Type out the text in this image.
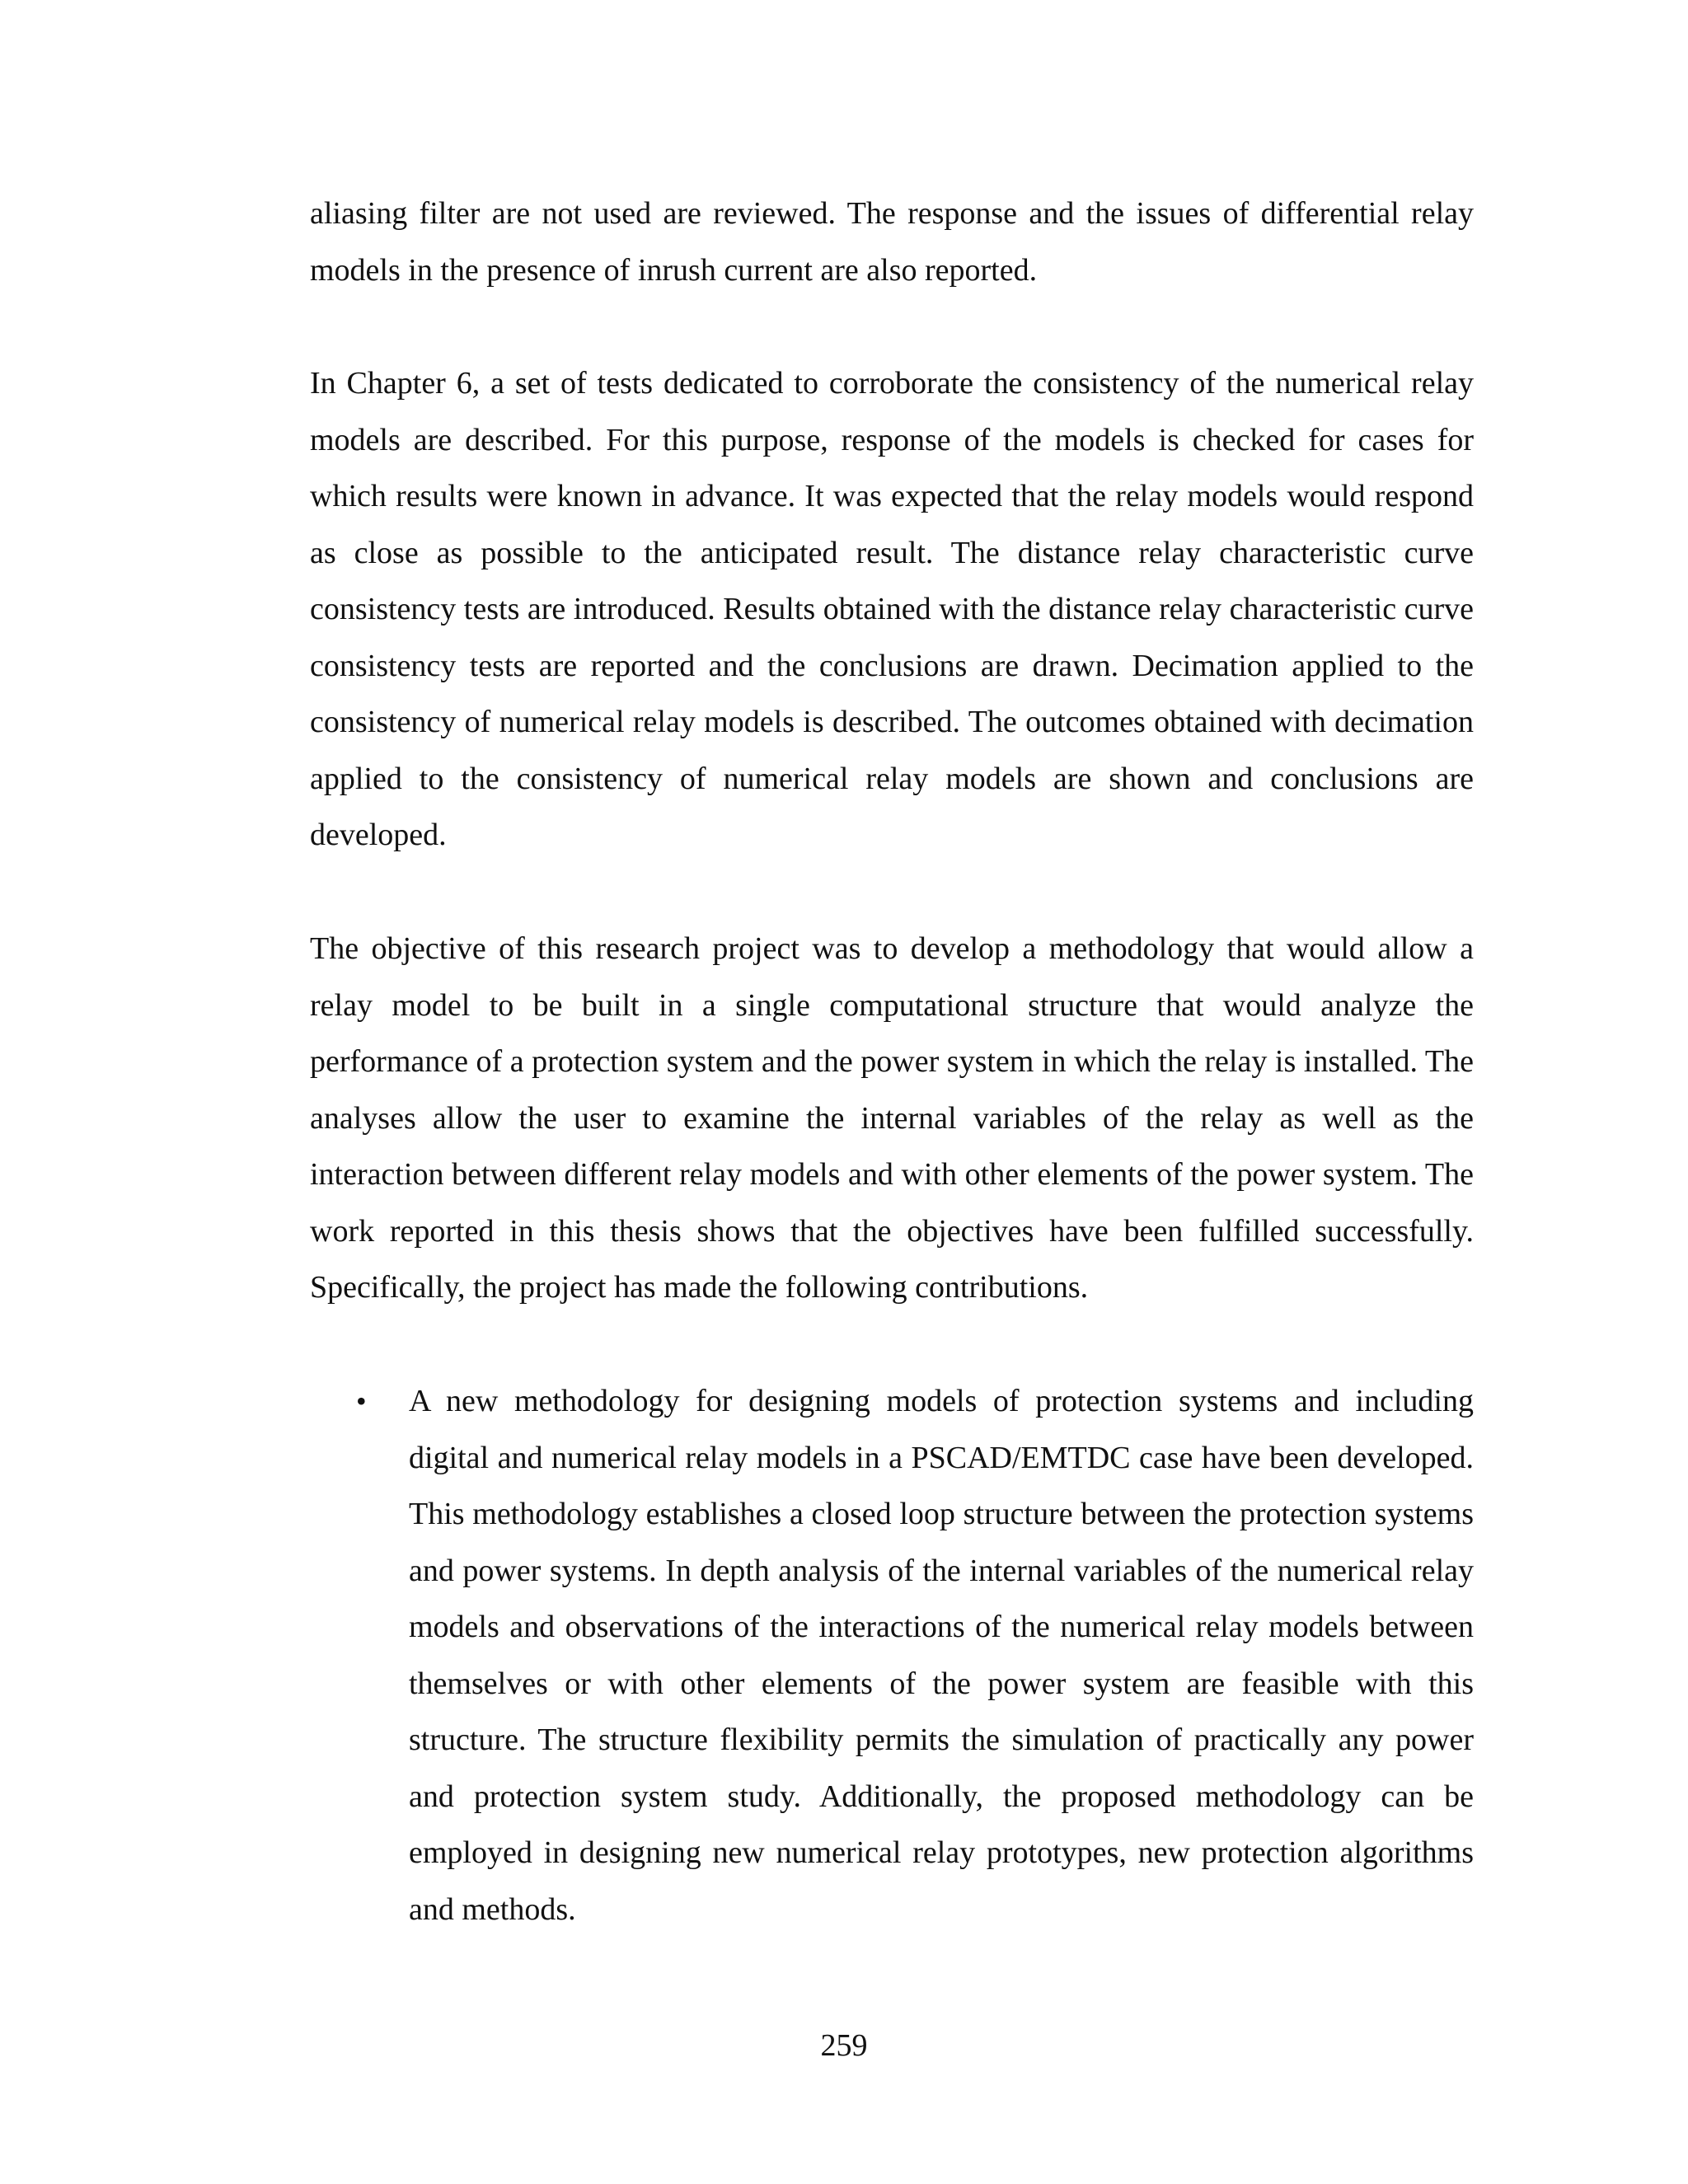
aliasing filter are not used are reviewed. The response and the issues of differential relay models in the presence of inrush current are also reported.

In Chapter 6, a set of tests dedicated to corroborate the consistency of the numerical relay models are described. For this purpose, response of the models is checked for cases for which results were known in advance. It was expected that the relay models would respond as close as possible to the anticipated result. The distance relay characteristic curve consistency tests are introduced. Results obtained with the distance relay characteristic curve consistency tests are reported and the conclusions are drawn. Decimation applied to the consistency of numerical relay models is described. The outcomes obtained with decimation applied to the consistency of numerical relay models are shown and conclusions are developed.

The objective of this research project was to develop a methodology that would allow a relay model to be built in a single computational structure that would analyze the performance of a protection system and the power system in which the relay is installed. The analyses allow the user to examine the internal variables of the relay as well as the interaction between different relay models and with other elements of the power system. The work reported in this thesis shows that the objectives have been fulfilled successfully. Specifically, the project has made the following contributions.

• A new methodology for designing models of protection systems and including digital and numerical relay models in a PSCAD/EMTDC case have been developed. This methodology establishes a closed loop structure between the protection systems and power systems. In depth analysis of the internal variables of the numerical relay models and observations of the interactions of the numerical relay models between themselves or with other elements of the power system are feasible with this structure. The structure flexibility permits the simulation of practically any power and protection system study. Additionally, the proposed methodology can be employed in designing new numerical relay prototypes, new protection algorithms and methods.
259
